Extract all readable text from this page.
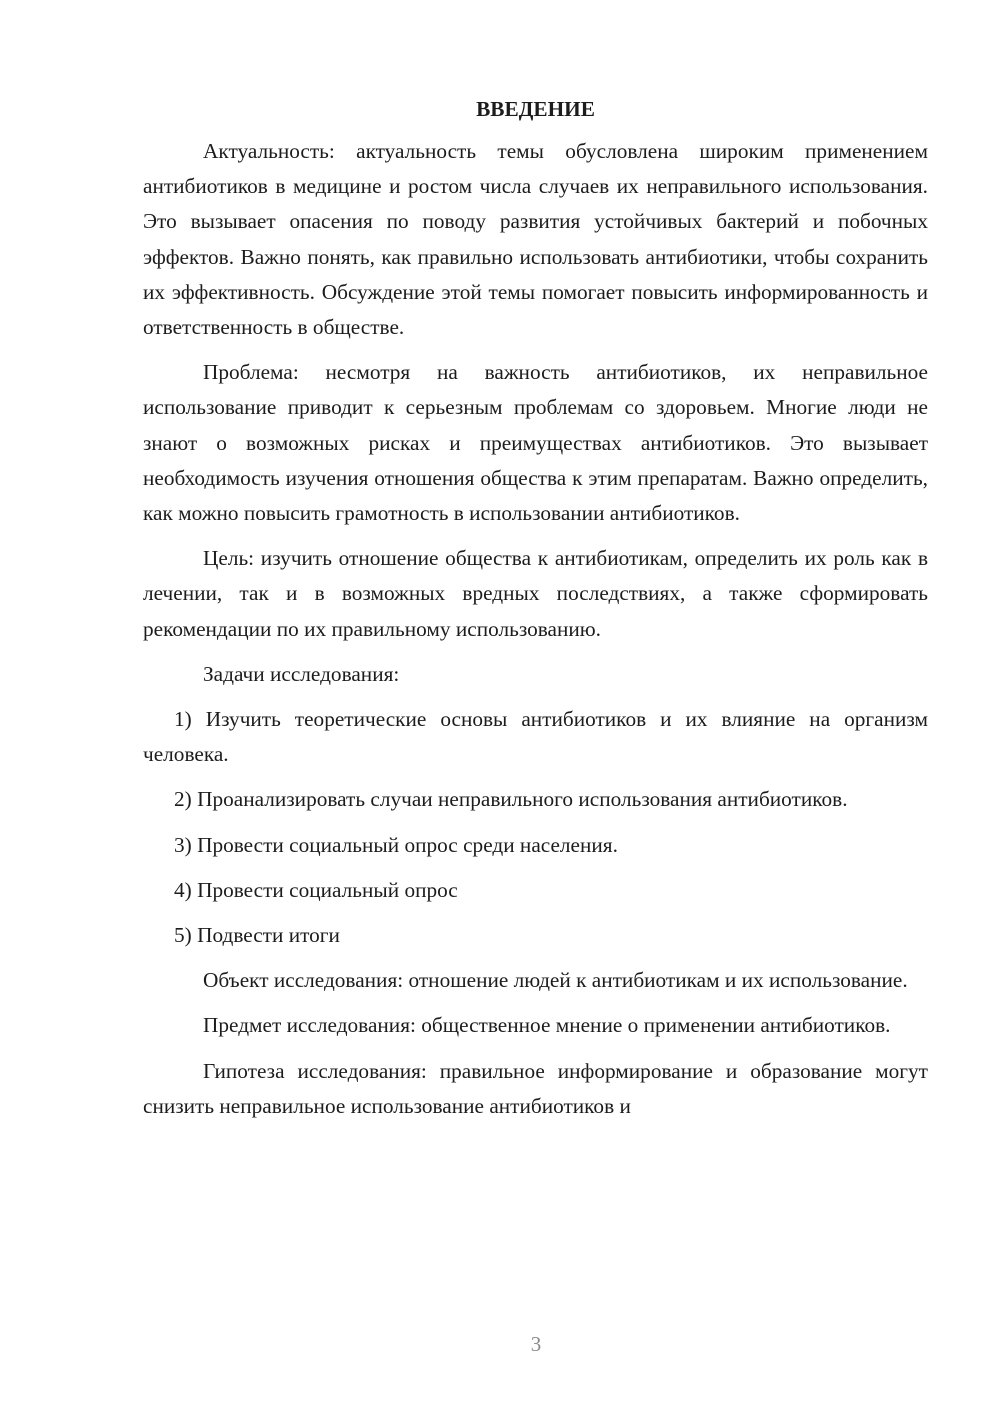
ВВЕДЕНИЕ

Актуальность: актуальность темы обусловлена широким применением антибиотиков в медицине и ростом числа случаев их неправильного использования. Это вызывает опасения по поводу развития устойчивых бактерий и побочных эффектов. Важно понять, как правильно использовать антибиотики, чтобы сохранить их эффективность. Обсуждение этой темы помогает повысить информированность и ответственность в обществе.

Проблема: несмотря на важность антибиотиков, их неправильное использование приводит к серьезным проблемам со здоровьем. Многие люди не знают о возможных рисках и преимуществах антибиотиков. Это вызывает необходимость изучения отношения общества к этим препаратам. Важно определить, как можно повысить грамотность в использовании антибиотиков.

Цель: изучить отношение общества к антибиотикам, определить их роль как в лечении, так и в возможных вредных последствиях, а также сформировать рекомендации по их правильному использованию.

Задачи исследования:

1) Изучить теоретические основы антибиотиков и их влияние на организм человека.

2) Проанализировать случаи неправильного использования антибиотиков.

3) Провести социальный опрос среди населения.

4) Провести социальный опрос

5) Подвести итоги

Объект исследования: отношение людей к антибиотикам и их использование.

Предмет исследования: общественное мнение о применении антибиотиков.

Гипотеза исследования: правильное информирование и образование могут снизить неправильное использование антибиотиков и

3
